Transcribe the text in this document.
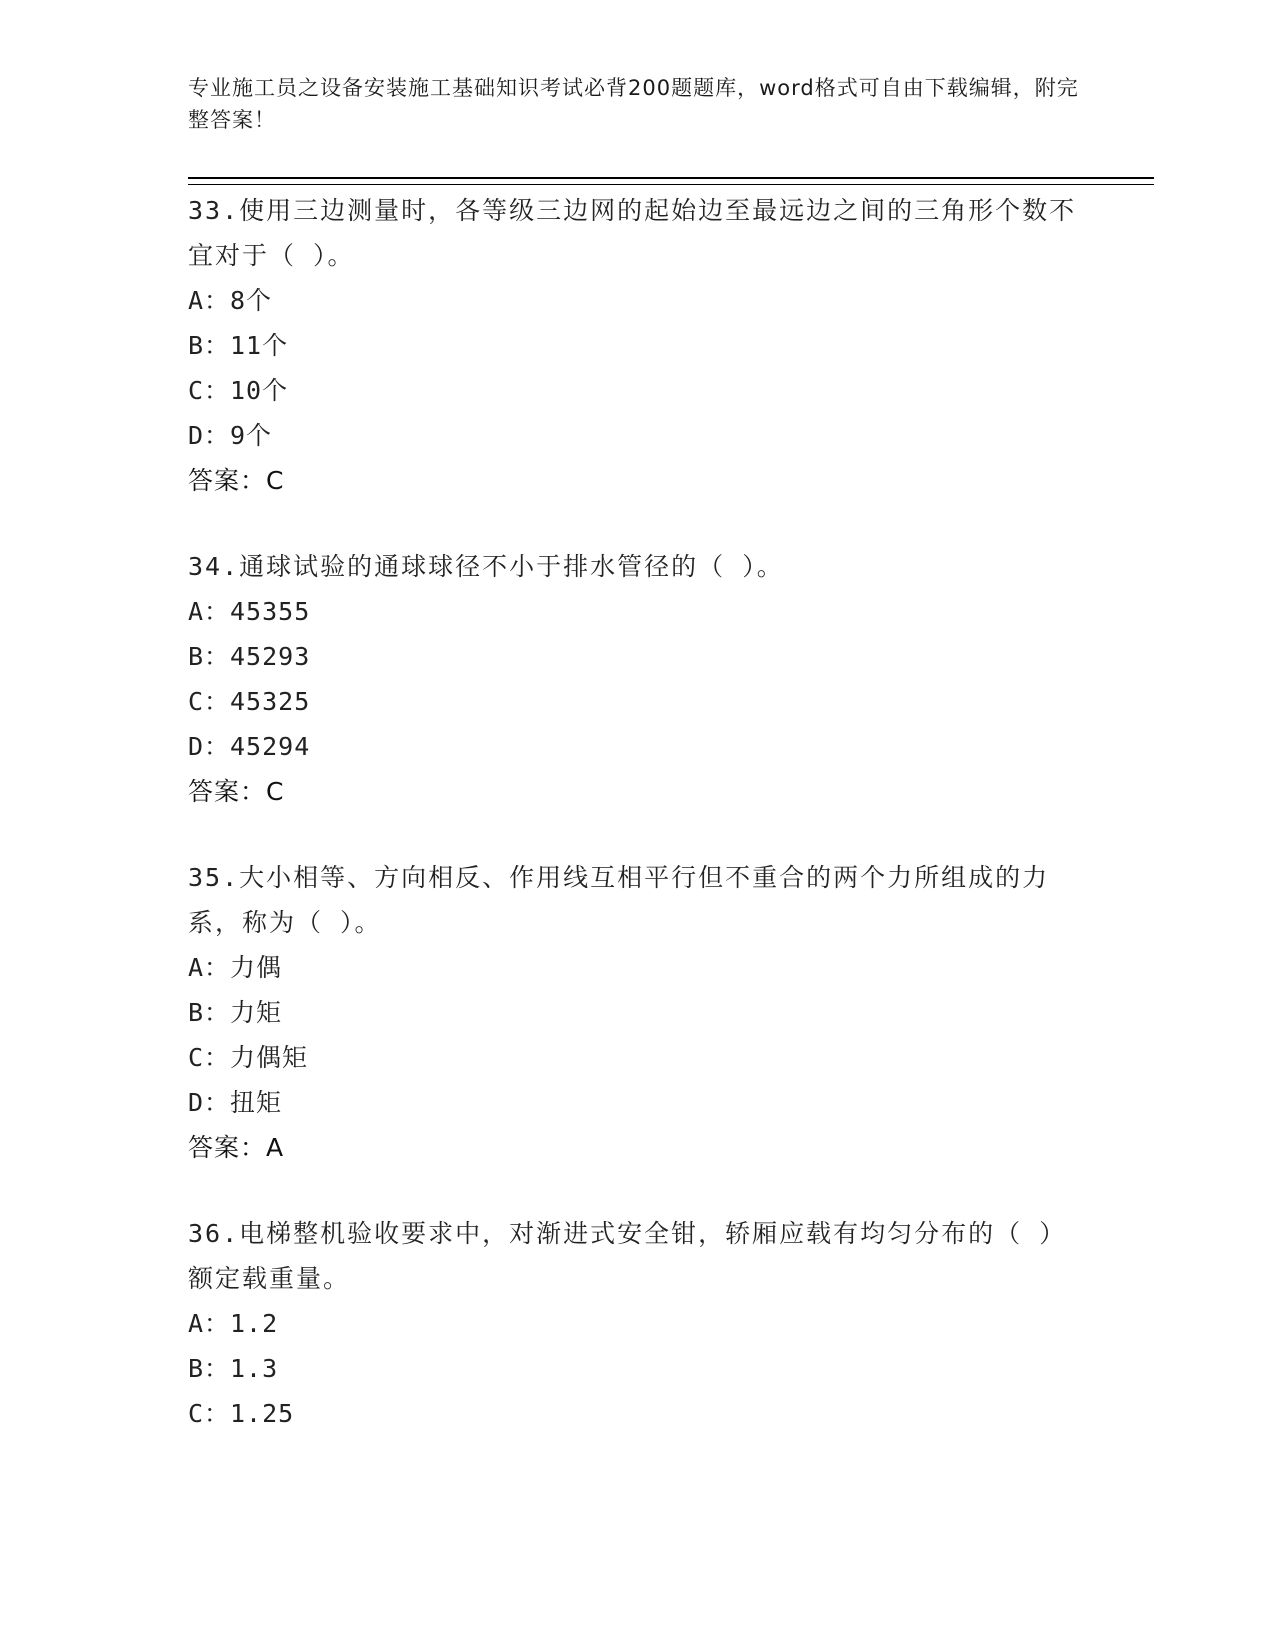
专业施工员之设备安装施工基础知识考试必背200题题库，word格式可自由下载编辑，附完整答案！
33.使用三边测量时，各等级三边网的起始边至最远边之间的三角形个数不宜对于（ ）。
A：8个
B：11个
C：10个
D：9个
答案：C
34.通球试验的通球球径不小于排水管径的（ ）。
A：45355
B：45293
C：45325
D：45294
答案：C
35.大小相等、方向相反、作用线互相平行但不重合的两个力所组成的力系，称为（ ）。
A：力偶
B：力矩
C：力偶矩
D：扭矩
答案：A
36.电梯整机验收要求中，对渐进式安全钳，轿厢应载有均匀分布的（ ）额定载重量。
A：1.2
B：1.3
C：1.25
